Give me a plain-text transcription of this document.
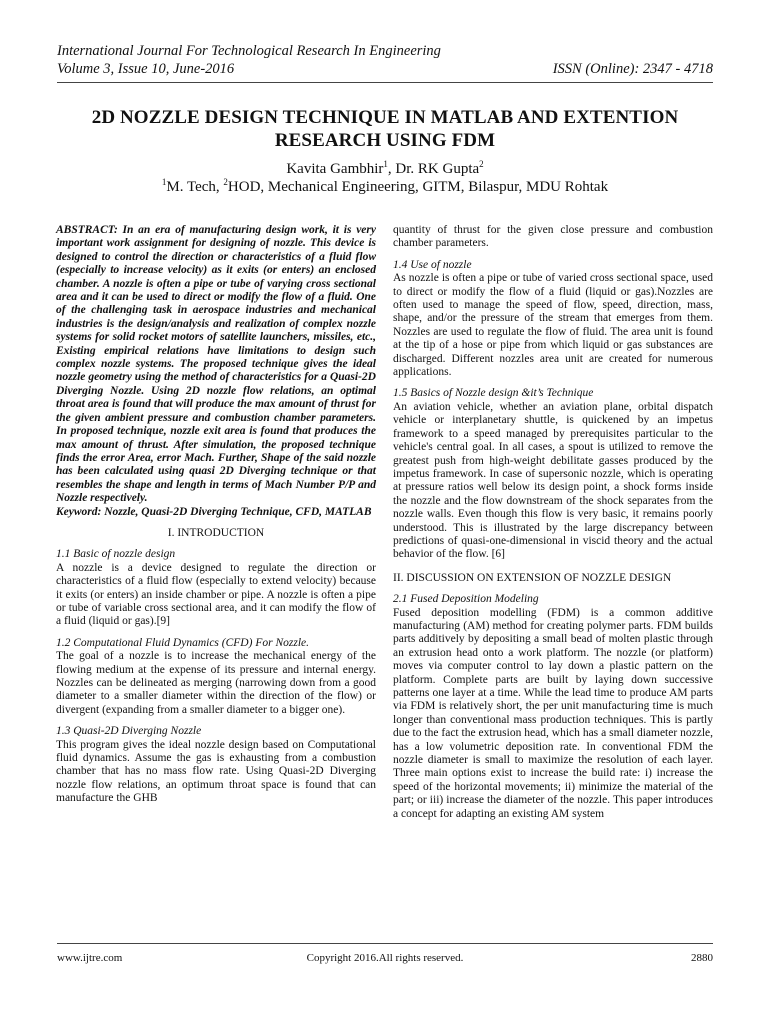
International Journal For Technological Research In Engineering
Volume 3, Issue 10, June-2016	ISSN (Online): 2347 - 4718
2D NOZZLE DESIGN TECHNIQUE IN MATLAB AND EXTENTION
RESEARCH USING FDM
Kavita Gambhir$^1$, Dr. RK Gupta$^2$
$^1$M. Tech, $^2$HOD, Mechanical Engineering, GITM, Bilaspur, MDU Rohtak

ABSTRACT: In an era of manufacturing design work, it is very important work assignment for designing of nozzle. This device is designed to control the direction or characteristics of a fluid flow (especially to increase velocity) as it exits (or enters) an enclosed chamber. A nozzle is often a pipe or tube of varying cross sectional area and it can be used to direct or modify the flow of a fluid. One of the challenging task in aerospace industries and mechanical industries is the design/analysis and realization of complex nozzle systems for solid rocket motors of satellite launchers, missiles, etc., Existing empirical relations have limitations to design such complex nozzle systems. The proposed technique gives the ideal nozzle geometry using the method of characteristics for a Quasi-2D Diverging Nozzle. Using 2D nozzle flow relations, an optimal throat area is found that will produce the max amount of thrust for the given ambient pressure and combustion chamber parameters. In proposed technique, nozzle exit area is found that produces the max amount of thrust. After simulation, the proposed technique finds the error Area, error Mach. Further, Shape of the said nozzle has been calculated using quasi 2D Diverging technique or that resembles the shape and length in terms of Mach Number P/P and Nozzle respectively.

Keyword: Nozzle, Quasi-2D Diverging Technique, CFD, MATLAB

I. INTRODUCTION

1.1 Basic of nozzle design

A nozzle is a device designed to regulate the direction or characteristics of a fluid flow (especially to extend velocity) because it exits (or enters) an inside chamber or pipe. A nozzle is often a pipe or tube of variable cross sectional area, and it can modify the flow of a fluid (liquid or gas).[9]

1.2 Computational Fluid Dynamics (CFD) For Nozzle.

The goal of a nozzle is to increase the mechanical energy of the flowing medium at the expense of its pressure and internal energy. Nozzles can be delineated as merging (narrowing down from a good diameter to a smaller diameter within the direction of the flow) or divergent (expanding from a smaller diameter to a bigger one).

1.3 Quasi-2D Diverging Nozzle

This program gives the ideal nozzle design based on Computational fluid dynamics. Assume the gas is exhausting from a combustion chamber that has no mass flow rate. Using Quasi-2D Diverging nozzle flow relations, an optimum throat space is found that can manufacture the GHB

quantity of thrust for the given close pressure and combustion chamber parameters.

1.4 Use of nozzle

As nozzle is often a pipe or tube of varied cross sectional space, used to direct or modify the flow of a fluid (liquid or gas).Nozzles are often used to manage the speed of flow, speed, direction, mass, shape, and/or the pressure of the stream that emerges from them. Nozzles are used to regulate the flow of fluid. The area unit is found at the tip of a hose or pipe from which liquid or gas substances are discharged. Different nozzles area unit are created for numerous applications.

1.5 Basics of Nozzle design &it’s Technique

An aviation vehicle, whether an aviation plane, orbital dispatch vehicle or interplanetary shuttle, is quickened by an impetus framework to a speed managed by prerequisites particular to the vehicle's central goal. In all cases, a spout is utilized to remove the greatest push from high-weight debilitate gasses produced by the impetus framework. In case of supersonic nozzle, which is operating at pressure ratios well below its design point, a shock forms inside the nozzle and the flow downstream of the shock separates from the nozzle walls. Even though this flow is very basic, it remains poorly understood. This is illustrated by the large discrepancy between predictions of quasi-one-dimensional in viscid theory and the actual behavior of the flow. [6]

II. DISCUSSION ON EXTENSION OF NOZZLE DESIGN

2.1 Fused Deposition Modeling

Fused deposition modelling (FDM) is a common additive manufacturing (AM) method for creating polymer parts. FDM builds parts additively by depositing a small bead of molten plastic through an extrusion head onto a work platform. The nozzle (or platform) moves via computer control to lay down a plastic pattern on the platform. Complete parts are built by laying down successive patterns one layer at a time. While the lead time to produce AM parts via FDM is relatively short, the per unit manufacturing time is much longer than conventional mass production techniques. This is partly due to the fact the extrusion head, which has a small diameter nozzle, has a low volumetric deposition rate. In conventional FDM the nozzle diameter is small to maximize the resolution of each layer. Three main options exist to increase the build rate: i) increase the speed of the horizontal movements; ii) minimize the material of the part; or iii) increase the diameter of the nozzle. This paper introduces a concept for adapting an existing AM system

www.ijtre.com	Copyright 2016.All rights reserved.	2880
